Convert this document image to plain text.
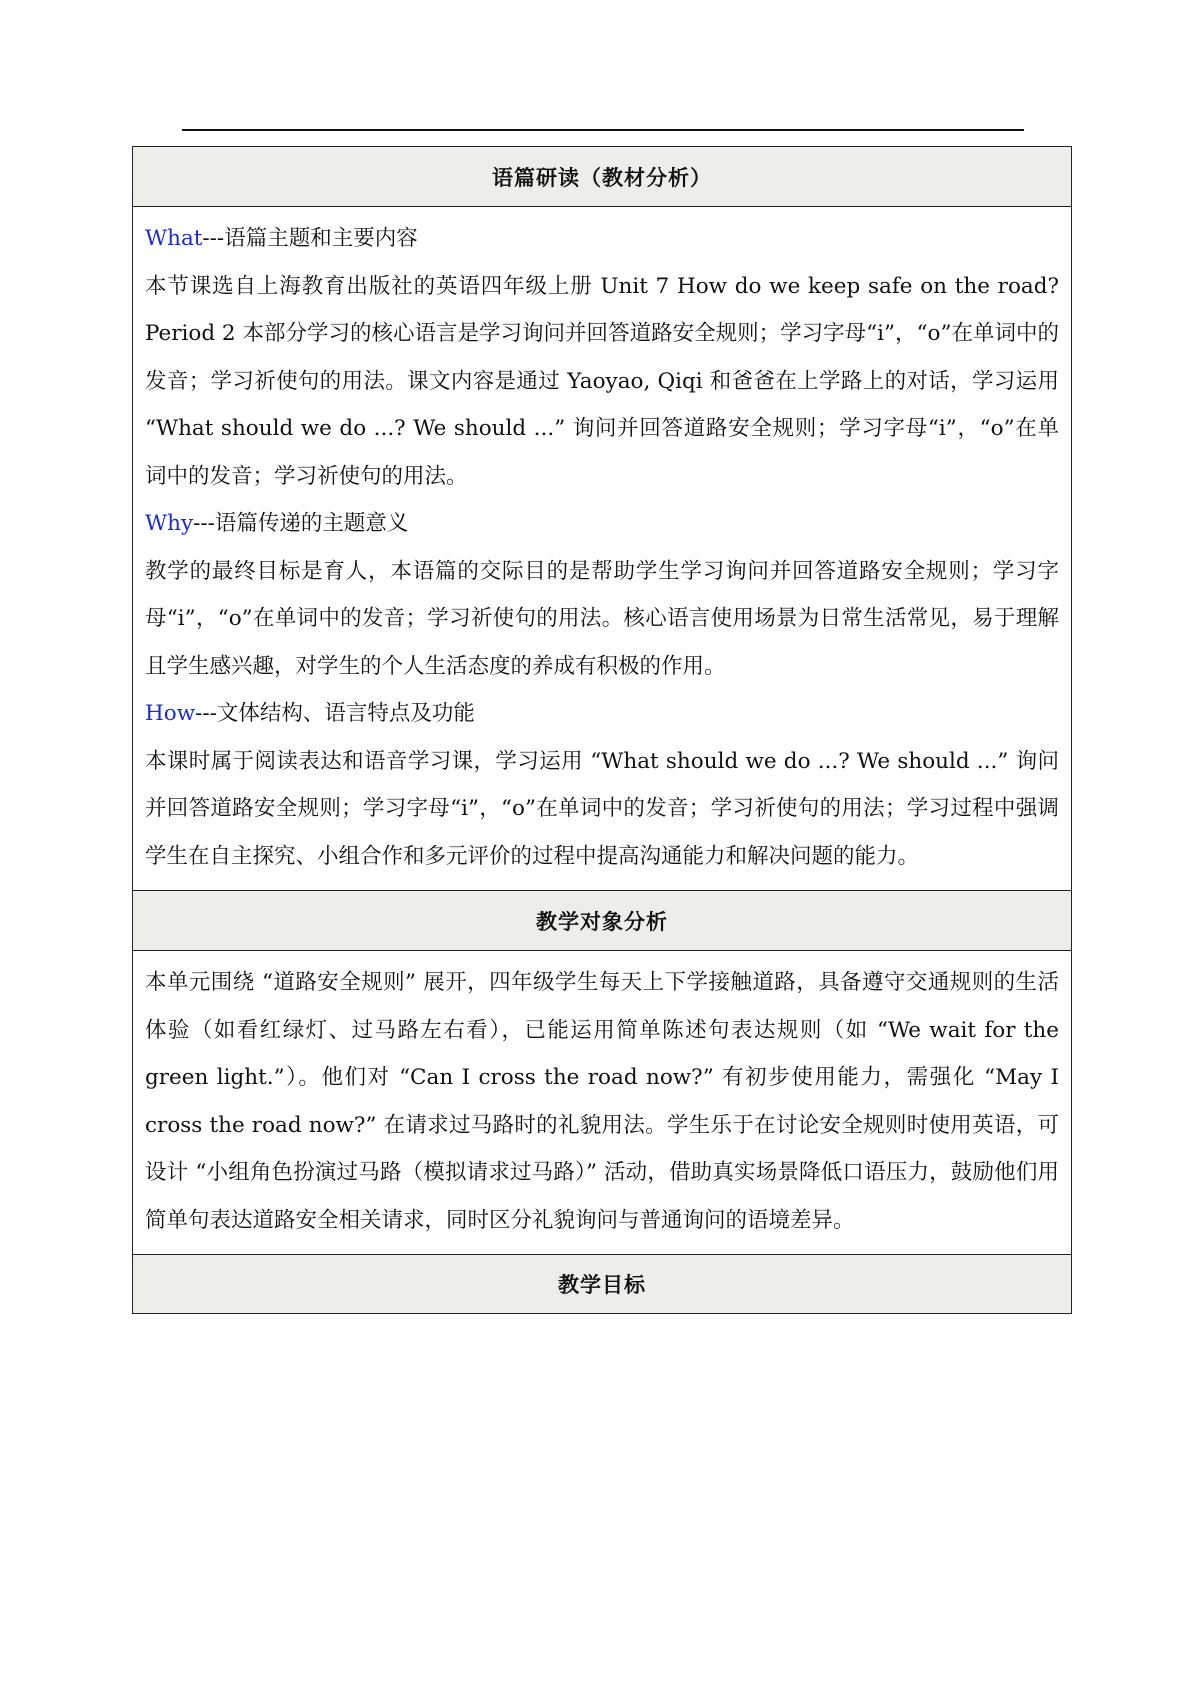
语篇研读（教材分析）

What---语篇主题和主要内容

本节课选自上海教育出版社的英语四年级上册 Unit 7 How do we keep safe on the road? Period 2 本部分学习的核心语言是学习询问并回答道路安全规则；学习字母“i”，“o”在单词中的发音；学习祈使句的用法。课文内容是通过 Yaoyao, Qiqi 和爸爸在上学路上的对话，学习运用 “What should we do ...? We should ...” 询问并回答道路安全规则；学习字母“i”，“o”在单词中的发音；学习祈使句的用法。

Why---语篇传递的主题意义

教学的最终目标是育人，本语篇的交际目的是帮助学生学习询问并回答道路安全规则；学习字母“i”，“o”在单词中的发音；学习祈使句的用法。核心语言使用场景为日常生活常见，易于理解且学生感兴趣，对学生的个人生活态度的养成有积极的作用。

How---文体结构、语言特点及功能

本课时属于阅读表达和语音学习课，学习运用 “What should we do ...? We should ...” 询问并回答道路安全规则；学习字母“i”，“o”在单词中的发音；学习祈使句的用法；学习过程中强调学生在自主探究、小组合作和多元评价的过程中提高沟通能力和解决问题的能力。

教学对象分析

本单元围绕 “道路安全规则” 展开，四年级学生每天上下学接触道路，具备遵守交通规则的生活体验（如看红绿灯、过马路左右看），已能运用简单陈述句表达规则（如 “We wait for the green light.”）。他们对 “Can I cross the road now?” 有初步使用能力，需强化 “May I cross the road now?” 在请求过马路时的礼貌用法。学生乐于在讨论安全规则时使用英语，可设计 “小组角色扮演过马路（模拟请求过马路）” 活动，借助真实场景降低口语压力，鼓励他们用简单句表达道路安全相关请求，同时区分礼貌询问与普通询问的语境差异。

教学目标
